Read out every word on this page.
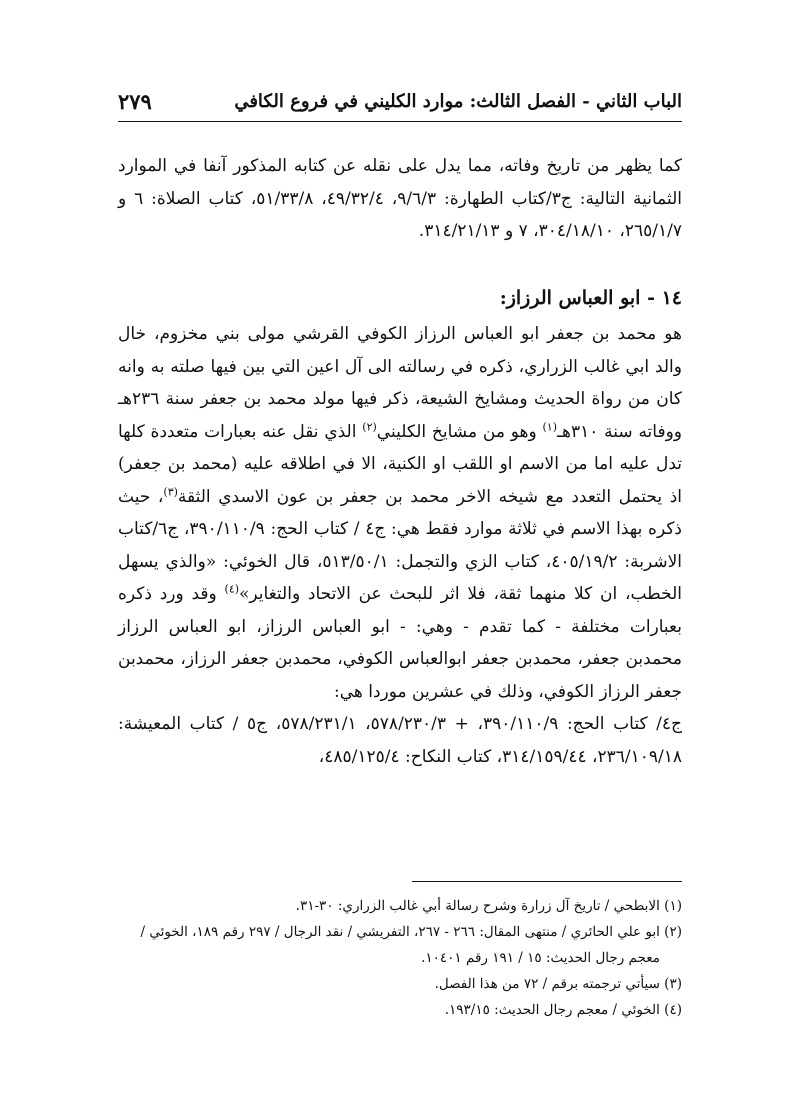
٢٧٩	الباب الثاني - الفصل الثالث: موارد الكليني في فروع الكافي

كما يظهر من تاريخ وفاته، مما يدل على نقله عن كتابه المذكور آنفا في الموارد الثمانية التالية: ج٣/كتاب الطهارة: ٩/٦/٣، ٤٩/٣٢/٤، ٥١/٣٣/٨، كتاب الصلاة: ٦ و ٢٦٥/١/٧، ٣٠٤/١٨/١٠، ٧ و ٣١٤/٢١/١٣.

١٤ - ابو العباس الرزاز:

هو محمد بن جعفر ابو العباس الرزاز الكوفي القرشي مولى بني مخزوم، خال والد ابي غالب الزراري، ذكره في رسالته الى آل اعين التي بين فيها صلته به وانه كان من رواة الحديث ومشايخ الشيعة، ذكر فيها مولد محمد بن جعفر سنة ٢٣٦هـ ووفاته سنة ٣١٠هـ$^{(١)}$ وهو من مشايخ الكليني$^{(٢)}$ الذي نقل عنه بعبارات متعددة كلها تدل عليه اما من الاسم او اللقب او الكنية، الا في اطلاقه عليه (محمد بن جعفر) اذ يحتمل التعدد مع شيخه الاخر محمد بن جعفر بن عون الاسدي الثقة$^{(٣)}$، حيث ذكره بهذا الاسم في ثلاثة موارد فقط هي: ج٤ / كتاب الحج: ٣٩٠/١١٠/٩، ج٦/كتاب الاشربة: ٤٠٥/١٩/٢، كتاب الزي والتجمل: ٥١٣/٥٠/١، قال الخوئي: «والذي يسهل الخطب، ان كلا منهما ثقة، فلا اثر للبحث عن الاتحاد والتغاير»$^{(٤)}$ وقد ورد ذكره بعبارات مختلفة - كما تقدم - وهي: - ابو العباس الرزاز، ابو العباس الرزاز محمدبن جعفر، محمدبن جعفر ابوالعباس الكوفي، محمدبن جعفر الرزاز، محمدبن جعفر الرزاز الكوفي، وذلك في عشرين موردا هي:

ج٤/ كتاب الحج: ٣٩٠/١١٠/٩، + ٥٧٨/٢٣٠/٣، ٥٧٨/٢٣١/١، ج٥ / كتاب المعيشة: ٢٣٦/١٠٩/١٨، ٣١٤/١٥٩/٤٤، كتاب النكاح: ٤٨٥/١٢٥/٤،

(١) الابطحي / تاريخ آل زرارة وشرح رسالة أبي غالب الزراري: ٣٠-٣١.

(٢) ابو علي الحائري / منتهى المقال: ٢٦٦ - ٢٦٧، التفريشي / نقد الرجال / ٢٩٧ رقم ١٨٩، الخوئي /

معجم رجال الحديث: ١٥ / ١٩١ رقم ١٠٤٠١.

(٣) سيأتي ترجمته برقم / ٧٢ من هذا الفصل.

(٤) الخوئي / معجم رجال الحديث: ١٩٣/١٥.
